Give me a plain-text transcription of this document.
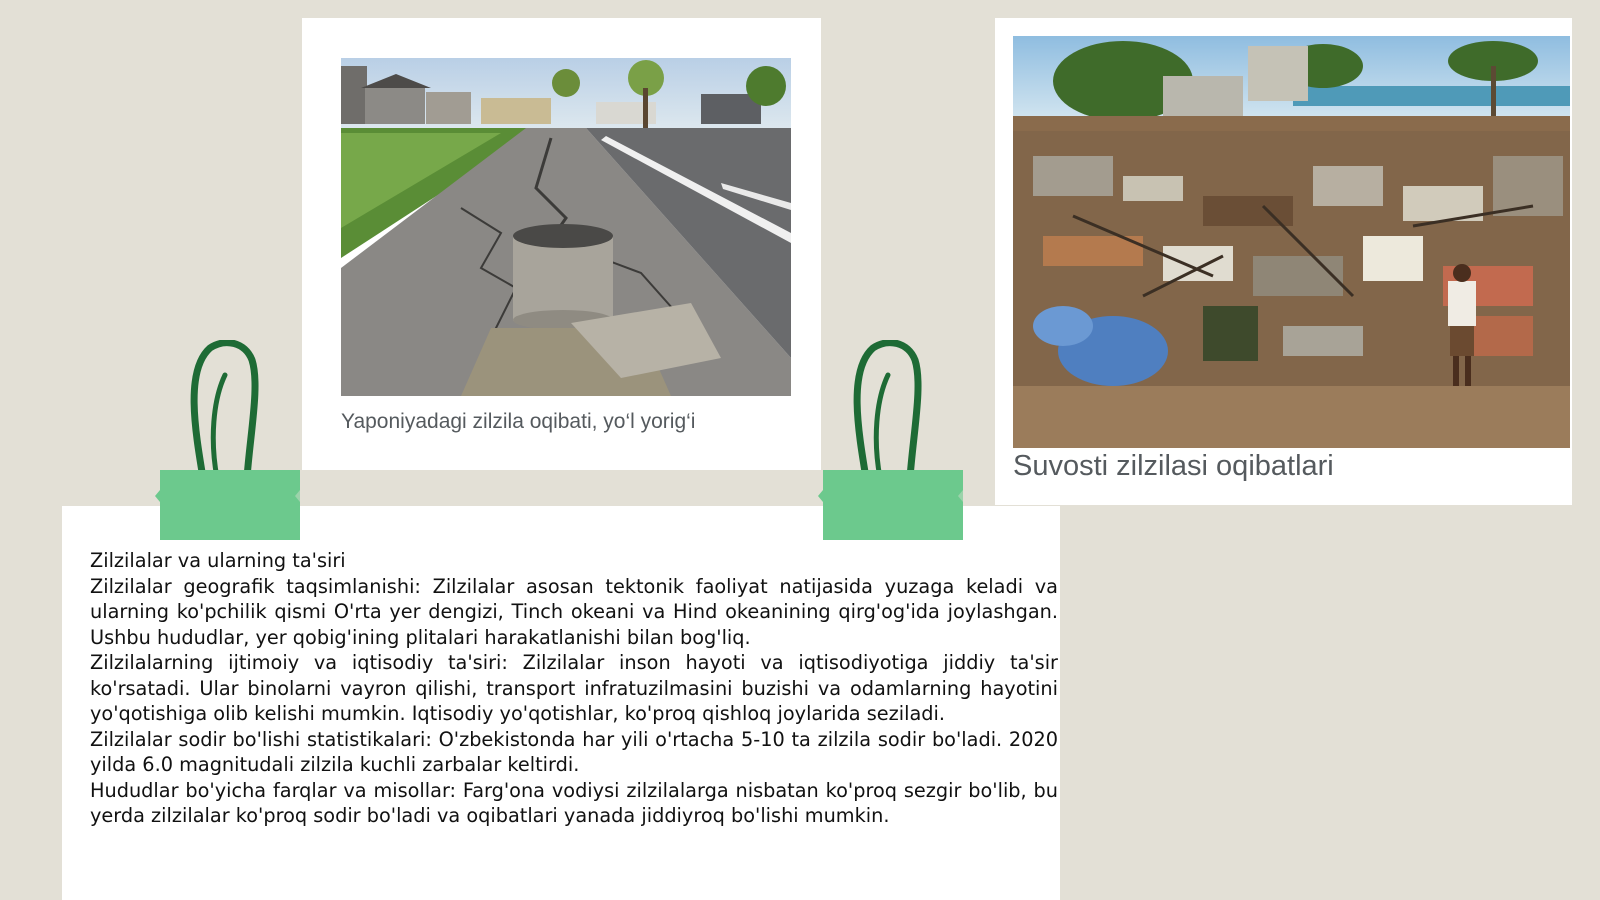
Yaponiyadagi zilzila oqibati, yo‘l yorig‘i
Suvosti zilzilasi oqibatlari

Zilzilalar va ularning ta'siri

Zilzilalar geografik taqsimlanishi: Zilzilalar asosan tektonik faoliyat natijasida yuzaga keladi va ularning ko'pchilik qismi O'rta yer dengizi, Tinch okeani va Hind okeanining qirg'og'ida joylashgan. Ushbu hududlar, yer qobig'ining plitalari harakatlanishi bilan bog'liq.

Zilzilalarning ijtimoiy va iqtisodiy ta'siri: Zilzilalar inson hayoti va iqtisodiyotiga jiddiy ta'sir ko'rsatadi. Ular binolarni vayron qilishi, transport infratuzilmasini buzishi va odamlarning hayotini yo'qotishiga olib kelishi mumkin. Iqtisodiy yo'qotishlar, ko'proq qishloq joylarida seziladi.

Zilzilalar sodir bo'lishi statistikalari: O'zbekistonda har yili o'rtacha 5-10 ta zilzila sodir bo'ladi. 2020 yilda 6.0 magnitudali zilzila kuchli zarbalar keltirdi.

Hududlar bo'yicha farqlar va misollar: Farg'ona vodiysi zilzilalarga nisbatan ko'proq sezgir bo'lib, bu yerda zilzilalar ko'proq sodir bo'ladi va oqibatlari yanada jiddiyroq bo'lishi mumkin.
